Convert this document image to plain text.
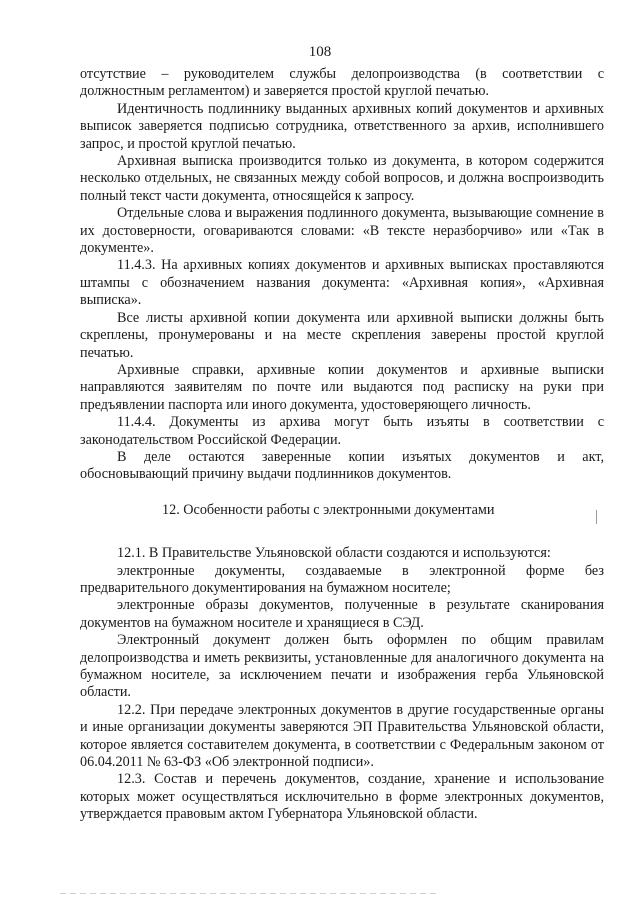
108

отсутствие – руководителем службы делопроизводства (в соответствии с должностным регламентом) и заверяется простой круглой печатью.

Идентичность подлиннику выданных архивных копий документов и архивных выписок заверяется подписью сотрудника, ответственного за архив, исполнившего запрос, и простой круглой печатью.

Архивная выписка производится только из документа, в котором содержится несколько отдельных, не связанных между собой вопросов, и должна воспроизводить полный текст части документа, относящейся к запросу.

Отдельные слова и выражения подлинного документа, вызывающие сомнение в их достоверности, оговариваются словами: «В тексте неразборчиво» или «Так в документе».

11.4.3. На архивных копиях документов и архивных выписках проставляются штампы с обозначением названия документа: «Архивная копия», «Архивная выписка».

Все листы архивной копии документа или архивной выписки должны быть скреплены, пронумерованы и на месте скрепления заверены простой круглой печатью.

Архивные справки, архивные копии документов и архивные выписки направляются заявителям по почте или выдаются под расписку на руки при предъявлении паспорта или иного документа, удостоверяющего личность.

11.4.4. Документы из архива могут быть изъяты в соответствии с законодательством Российской Федерации.

В деле остаются заверенные копии изъятых документов и акт, обосновывающий причину выдачи подлинников документов.

12. Особенности работы с электронными документами

12.1. В Правительстве Ульяновской области создаются и используются:

электронные документы, создаваемые в электронной форме без предварительного документирования на бумажном носителе;

электронные образы документов, полученные в результате сканирования документов на бумажном носителе и хранящиеся в СЭД.

Электронный документ должен быть оформлен по общим правилам делопроизводства и иметь реквизиты, установленные для аналогичного документа на бумажном носителе, за исключением печати и изображения герба Ульяновской области.

12.2. При передаче электронных документов в другие государственные органы и иные организации документы заверяются ЭП Правительства Ульяновской области, которое является составителем документа, в соответствии с Федеральным законом от 06.04.2011 № 63-ФЗ «Об электронной подписи».

12.3. Состав и перечень документов, создание, хранение и использование которых может осуществляться исключительно в форме электронных документов, утверждается правовым актом Губернатора Ульяновской области.
